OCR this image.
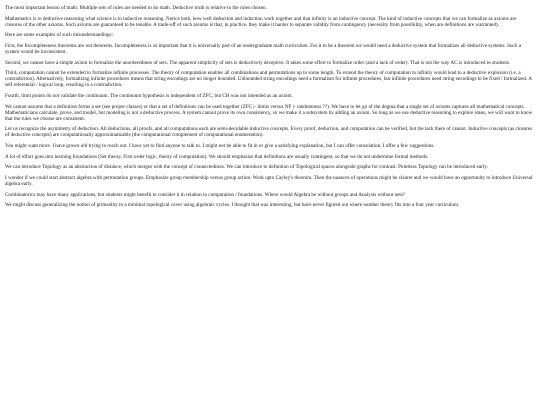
The most important lesson of math: Multiple sets of rules are needed to do math. Deductive truth is relative to the rules chosen.

Mathematics is to deductive reasoning what science is to inductive reasoning. Notice both, how well deduction and induction work together and that infinity is an inductive concept. The kind of inductive concepts that we can formalize as axioms are closures of the other axioms. Such axioms are guaranteed to be tenable. A trade-off of such axioms is that, in practice, they make it harder to separate validity from contingency (necessity from possibility, when are definitions are warranted).

Here are some examples of such misunderstandings:

First, the Incompleteness theorems are not theorems. Incompleteness is so important that it is universally part of an undergraduate math curriculum. For it to be a theorem we would need a deductive system that formalizes all deductive systems. Such a system would be inconsistent.

Second, we cannot have a simple axiom to formalize the unorderedness of sets. The apparent simplicity of sets is deductively deceptive. It takes some effort to formalize order (and a lack of order). That is not the way AC is introduced to students.

Third, computation cannot be extended to formalize infinite processes. The theory of computation enables all combinations and permutations up to some length. To extend the theory of computation to infinity would lead to a deductive explosion (i.e. a contradiction). Alternatively, formalizing infinite procedures means that string encodings are no longer bounded. Unbounded string encodings need a formalism for infinite procedures, but infinite procedures need string encodings to be fixed / formalized. A self referential / logical loop, resulting in a contradiction.

Fourth, limit points do not validate the continuum. The continuum hypothesis is independent of ZFC, but CH was not intended as an axiom.

We cannot assume that a definition forms a set (see proper classes) or that a set of definitions can be used together (ZFC |- limits versus NF |- randomness ??). We have to let go of the dogma that a single set of axioms captures all mathematical concepts. Mathematicians calculate, prove, and model, but modeling is not a deductive process. A system cannot prove its own consistency, so we make it a subsystem by adding an axiom. So long as we use deductive reasoning to explore ideas, we will want to know that the rules we choose are consistent.

Let us recognize the asymmetry of deduction. All deductions, all proofs, and all computations each are semi-decidable inductive concepts. Every proof, deduction, and computation can be verified, but the lack there of cannot. Inductive concepts (as closures of deductive concepts) are computationally approximatizable (the computational complement of computational enumeration).

You might want more. I have grown old trying to reach out. I have yet to find anyone to talk to. I might not be able to fit in or give a satisfying explanation, but I can offer consolation. I offer a few suggestions.

A lot of effort goes into learning foundations (Set theory, First order logic, theory of computation). We should emphasize that definitions are usually contingent, so that we do not undermine formal methods.

We can introduce Topology as an abstraction of distance, which merges with the concept of connectedness. We can introduce to definition of Topological spaces alongside graphs for contrast. Pointless Topology can be introduced early.

I wonder if we could start abstract algebra with permutation groups. Emphasize group membership versus group action. Work upto Cayley's theorem. Then the nuances of operations might be clearer and we would have an opportunity to introduce Universal algebra early.

Combinatorics may have many applications, but students might benefit to consider it in relation to computation / foundations. Where would Algebra be without groups and Analysis without nets?

We might discuss generalizing the notion of primeality to a minimal topological cover using algebraic cycles. I thought that was interesting, but have never figured out where number theory fits into a four year curriculum.
